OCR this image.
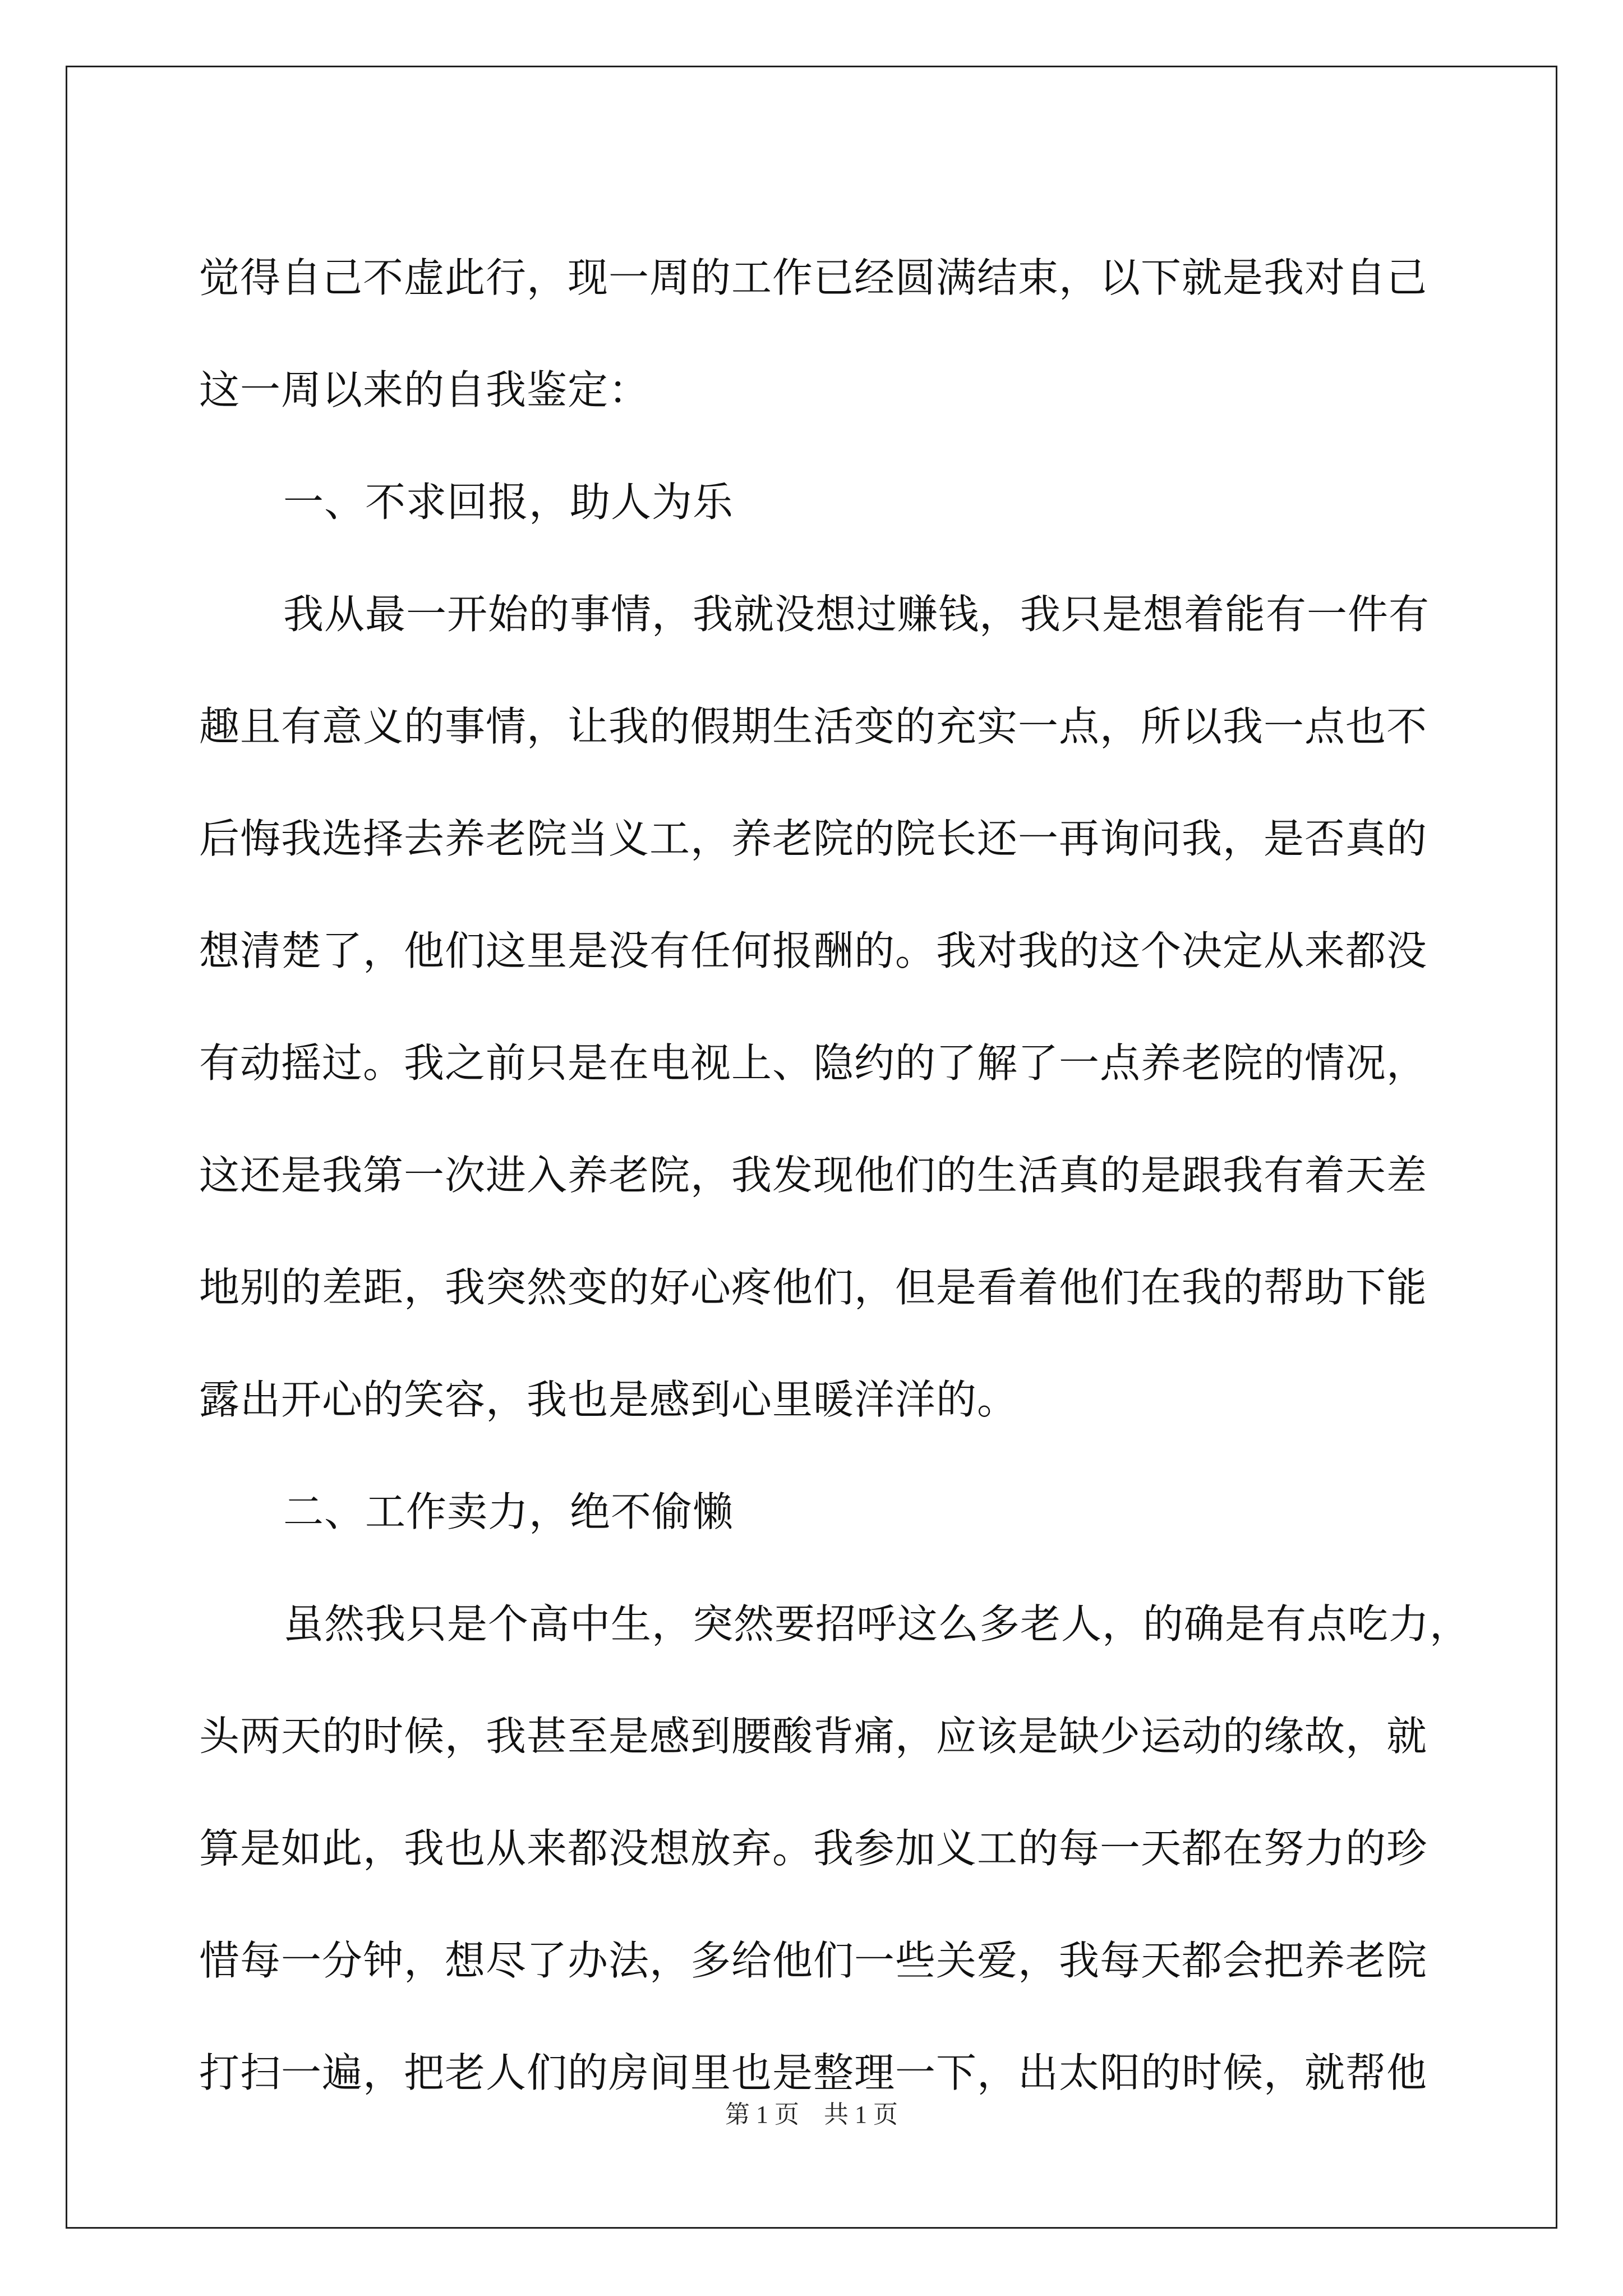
觉得自己不虚此行，现一周的工作已经圆满结束，以下就是我对自己
这一周以来的自我鉴定：
一、不求回报，助人为乐
我从最一开始的事情，我就没想过赚钱，我只是想着能有一件有
趣且有意义的事情，让我的假期生活变的充实一点，所以我一点也不
后悔我选择去养老院当义工，养老院的院长还一再询问我，是否真的
想清楚了，他们这里是没有任何报酬的。我对我的这个决定从来都没
有动摇过。我之前只是在电视上、隐约的了解了一点养老院的情况，
这还是我第一次进入养老院，我发现他们的生活真的是跟我有着天差
地别的差距，我突然变的好心疼他们，但是看着他们在我的帮助下能
露出开心的笑容，我也是感到心里暖洋洋的。
二、工作卖力，绝不偷懒
虽然我只是个高中生，突然要招呼这么多老人，的确是有点吃力，
头两天的时候，我甚至是感到腰酸背痛，应该是缺少运动的缘故，就
算是如此，我也从来都没想放弃。我参加义工的每一天都在努力的珍
惜每一分钟，想尽了办法，多给他们一些关爱，我每天都会把养老院
打扫一遍，把老人们的房间里也是整理一下，出太阳的时候，就帮他
第 1 页　共 1 页
